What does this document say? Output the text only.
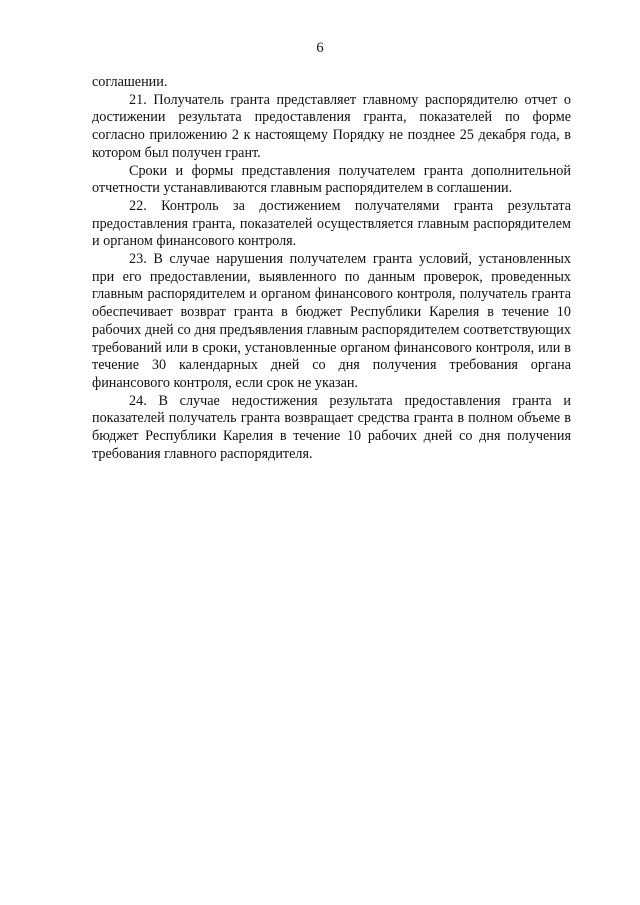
6

соглашении.

21. Получатель гранта представляет главному распорядителю отчет о достижении результата предоставления гранта, показателей по форме согласно приложению 2 к настоящему Порядку не позднее 25 декабря года, в котором был получен грант.

Сроки и формы представления получателем гранта дополнительной отчетности устанавливаются главным распорядителем в соглашении.

22. Контроль за достижением получателями гранта результата предоставления гранта, показателей осуществляется главным распорядителем и органом финансового контроля.

23. В случае нарушения получателем гранта условий, установленных при его предоставлении, выявленного по данным проверок, проведенных главным распорядителем и органом финансового контроля, получатель гранта обеспечивает возврат гранта в бюджет Республики Карелия в течение 10 рабочих дней со дня предъявления главным распорядителем соответствующих требований или в сроки, установленные органом финансового контроля, или в течение 30 календарных дней со дня получения требования органа финансового контроля, если срок не указан.

24. В случае недостижения результата предоставления гранта и показателей получатель гранта возвращает средства гранта в полном объеме в бюджет Республики Карелия в течение 10 рабочих дней со дня получения требования главного распорядителя.
